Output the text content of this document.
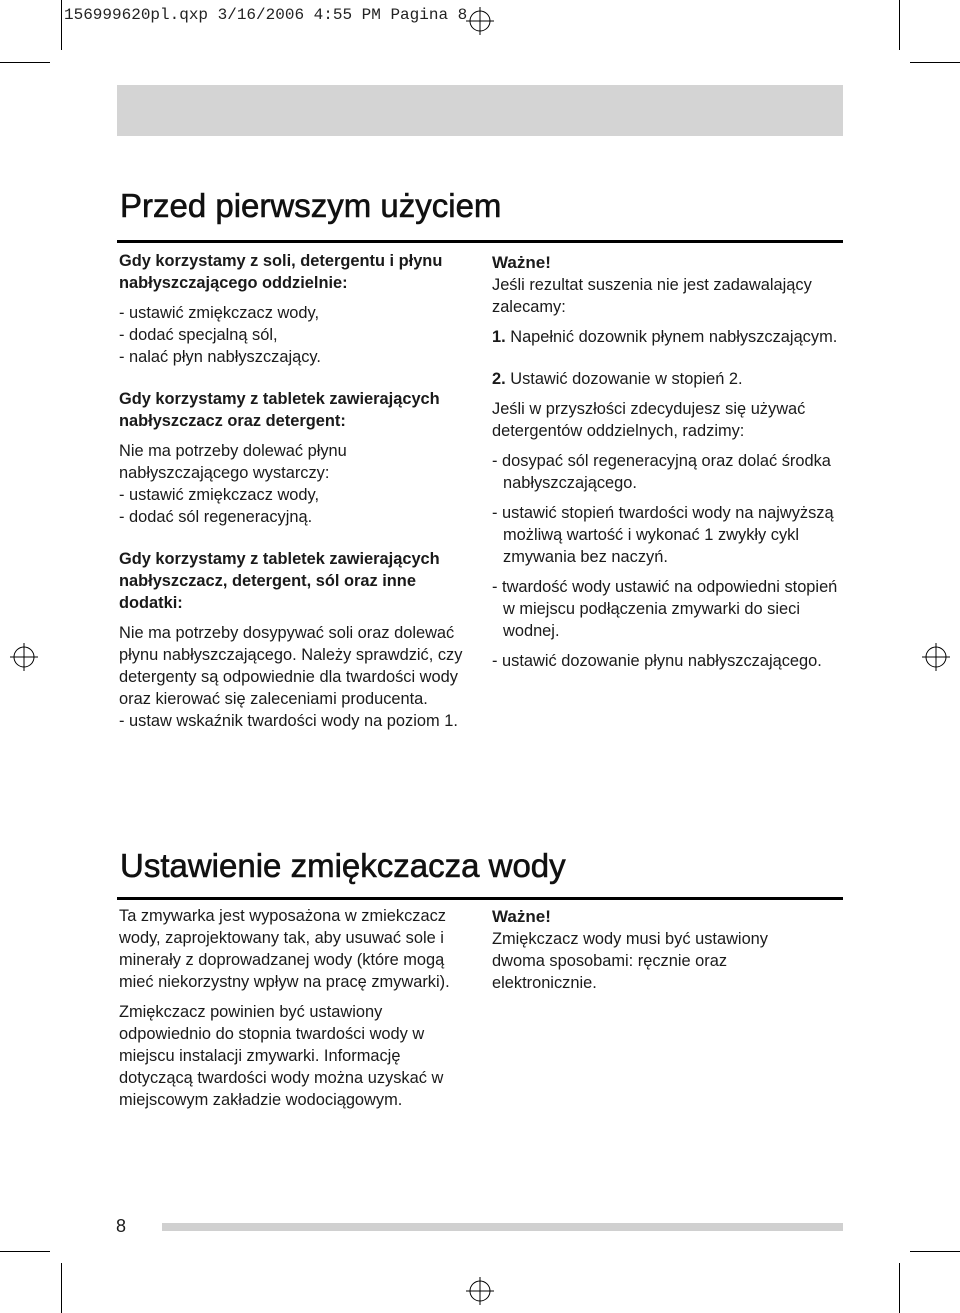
156999620pl.qxp 3/16/2006 4:55 PM Pagina 8
Przed pierwszym użyciem

Gdy korzystamy z soli, detergentu i płynu nabłyszczającego oddzielnie:

- ustawić zmiękczacz wody,

- dodać specjalną sól,

- nalać płyn nabłyszczający.

Gdy korzystamy z tabletek zawierających nabłyszczacz oraz detergent:

Nie ma potrzeby dolewać płynu nabłyszczającego wystarczy:

- ustawić zmiękczacz wody,

- dodać sól regeneracyjną.

Gdy korzystamy z tabletek zawierających nabłyszczacz, detergent, sól oraz inne dodatki:

Nie ma potrzeby dosypywać soli oraz dolewać płynu nabłyszczającego. Należy sprawdzić, czy detergenty są odpowiednie dla twardości wody oraz kierować się zaleceniami producenta.

- ustaw wskaźnik twardości wody na poziom 1.

Ważne!

Jeśli rezultat suszenia nie jest zadawalający zalecamy:

1. Napełnić dozownik płynem nabłyszczającym.

2. Ustawić dozowanie w stopień 2.

Jeśli w przyszłości zdecydujesz się używać detergentów oddzielnych, radzimy:

- dosypać sól regeneracyjną oraz dolać środka nabłyszczającego.

- ustawić stopień twardości wody na najwyższą możliwą wartość i wykonać 1 zwykły cykl zmywania bez naczyń.

- twardość wody ustawić na odpowiedni stopień w miejscu podłączenia zmywarki do sieci wodnej.

- ustawić dozowanie płynu nabłyszczającego.

Ustawienie zmiękczacza wody

Ta zmywarka jest wyposażona w zmiekczacz wody, zaprojektowany tak, aby usuwać sole i minerały z doprowadzanej wody (które mogą mieć niekorzystny wpływ na pracę zmywarki).

Zmiękczacz powinien być ustawiony odpowiednio do stopnia twardości wody w miejscu instalacji zmywarki. Informację dotyczącą twardości wody można uzyskać w miejscowym zakładzie wodociągowym.

Ważne!

Zmiękczacz wody musi być ustawiony dwoma sposobami: ręcznie oraz elektronicznie.

8
